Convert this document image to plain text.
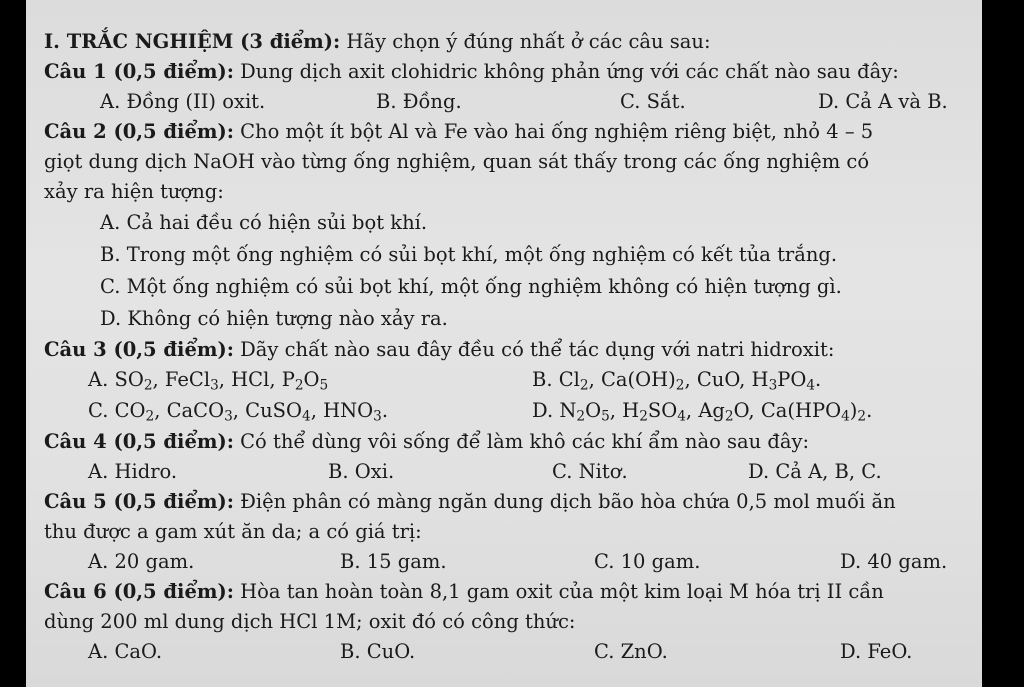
I. TRẮC NGHIỆM (3 điểm): Hãy chọn ý đúng nhất ở các câu sau:
Câu 1 (0,5 điểm): Dung dịch axit clohidric không phản ứng với các chất nào sau đây:
A. Đồng (II) oxit.	B. Đồng.	C. Sắt.	D. Cả A và B.
Câu 2 (0,5 điểm): Cho một ít bột Al và Fe vào hai ống nghiệm riêng biệt, nhỏ 4 – 5
giọt dung dịch NaOH vào từng ống nghiệm, quan sát thấy trong các ống nghiệm có
xảy ra hiện tượng:
A. Cả hai đều có hiện sủi bọt khí.
B. Trong một ống nghiệm có sủi bọt khí, một ống nghiệm có kết tủa trắng.
C. Một ống nghiệm có sủi bọt khí, một ống nghiệm không có hiện tượng gì.
D. Không có hiện tượng nào xảy ra.
Câu 3 (0,5 điểm): Dãy chất nào sau đây đều có thể tác dụng với natri hidroxit:
A. $SO_2$, FeCl$_3$, HCl, $P_2O_5$	B. $Cl_2$, $Ca(OH)_2$, CuO, $H_3PO_4$.
C. $CO_2$, CaCO$_3$, CuSO$_4$, $HNO_3$.	D. $N_2O_5$, $H_2SO_4$, $Ag_2O$, $Ca(HPO_4)_2$.
Câu 4 (0,5 điểm): Có thể dùng vôi sống để làm khô các khí ẩm nào sau đây:
A. Hidro.	B. Oxi.	C. Nitơ.	D. Cả A, B, C.
Câu 5 (0,5 điểm): Điện phân có màng ngăn dung dịch bão hòa chứa 0,5 mol muối ăn
thu được a gam xút ăn da; a có giá trị:
A. 20 gam.	B. 15 gam.	C. 10 gam.	D. 40 gam.
Câu 6 (0,5 điểm): Hòa tan hoàn toàn 8,1 gam oxit của một kim loại M hóa trị II cần
dùng 200 ml dung dịch HCl 1M; oxit đó có công thức:
A. CaO.	B. CuO.	C. ZnO.	D. FeO.
